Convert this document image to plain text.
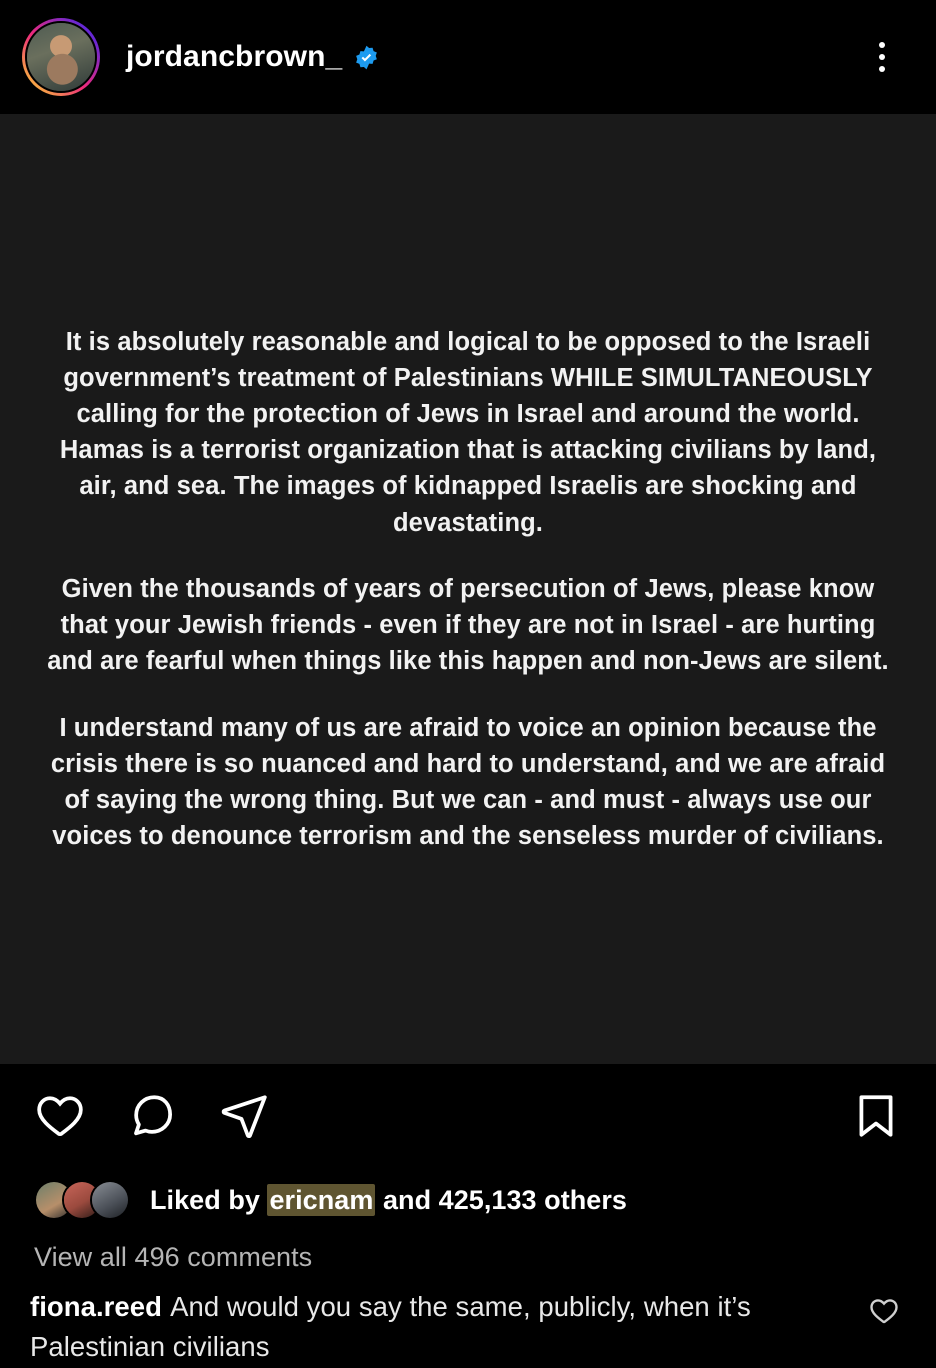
jordancbrown_

It is absolutely reasonable and logical to be opposed to the Israeli government’s treatment of Palestinians WHILE SIMULTANEOUSLY calling for the protection of Jews in Israel and around the world. Hamas is a terrorist organization that is attacking civilians by land, air, and sea. The images of kidnapped Israelis are shocking and devastating.

Given the thousands of years of persecution of Jews, please know that your Jewish friends - even if they are not in Israel - are hurting and are fearful when things like this happen and non-Jews are silent.

I understand many of us are afraid to voice an opinion because the crisis there is so nuanced and hard to understand, and we are afraid of saying the wrong thing. But we can - and must - always use our voices to denounce terrorism and the senseless murder of civilians.

Liked by ericnam and 425,133 others
View all 496 comments
fiona.reed And would you say the same, publicly, when it’s Palestinian civilians
